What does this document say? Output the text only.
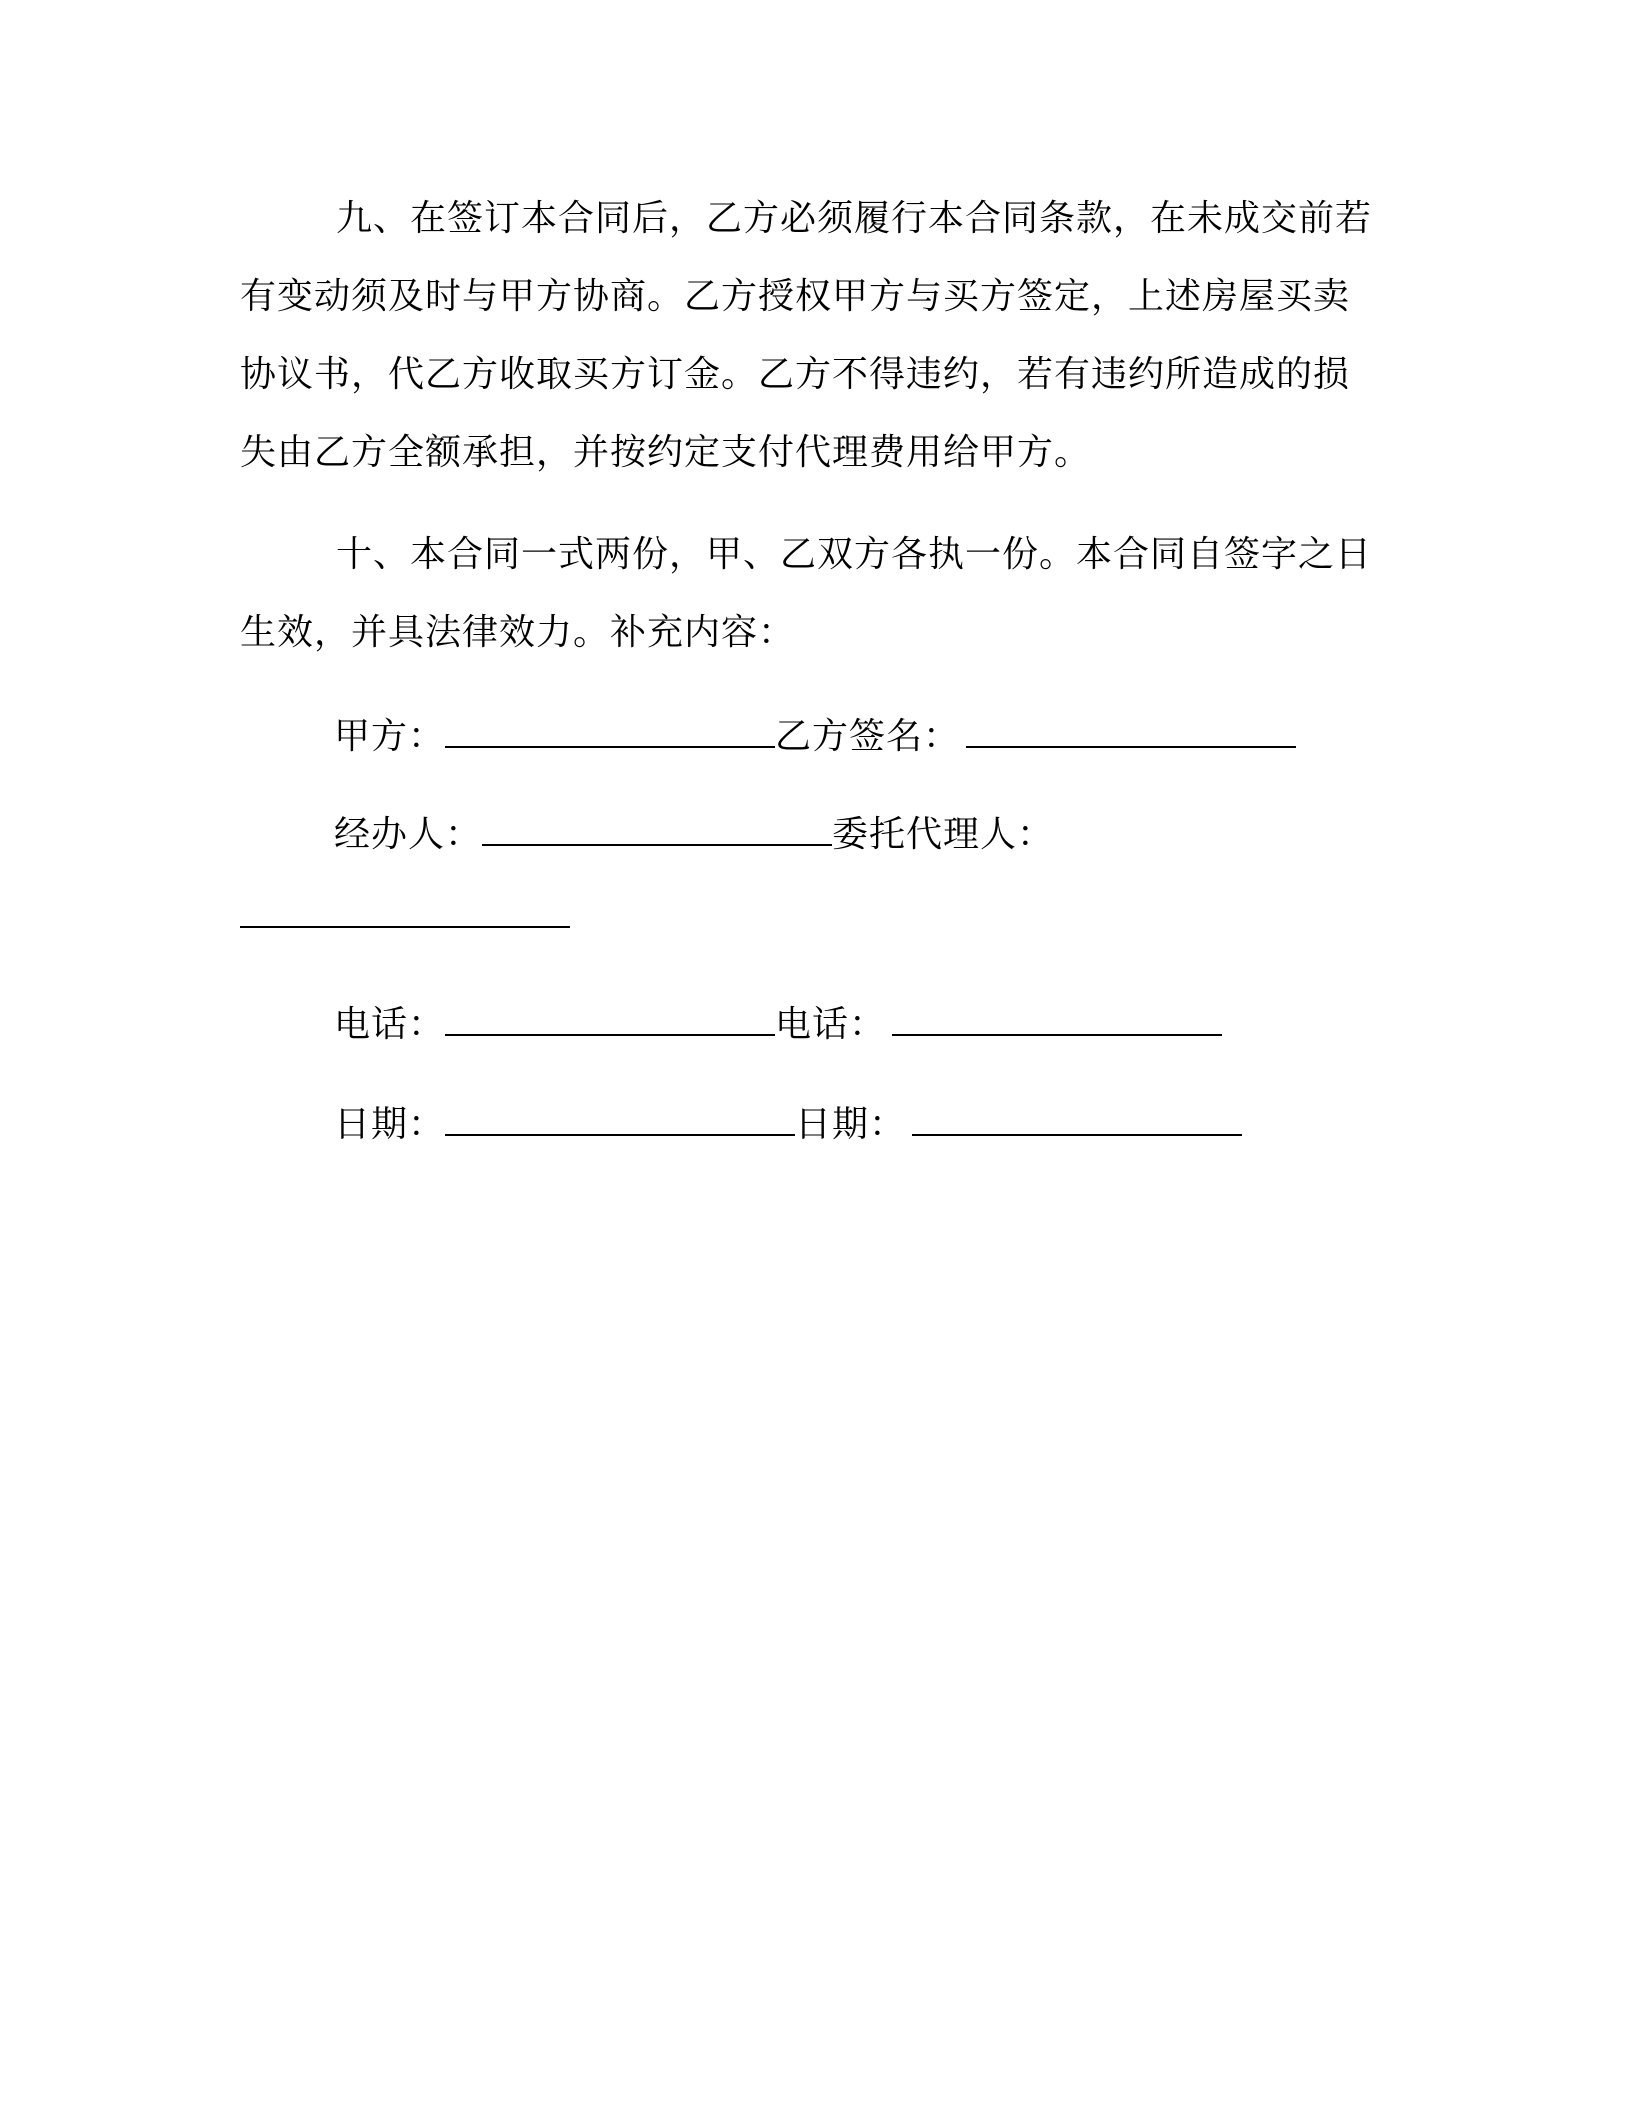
九、在签订本合同后，乙方必须履行本合同条款，在未成交前若有变动须及时与甲方协商。乙方授权甲方与买方签定，上述房屋买卖协议书，代乙方收取买方订金。乙方不得违约，若有违约所造成的损失由乙方全额承担，并按约定支付代理费用给甲方。

十、本合同一式两份，甲、乙双方各执一份。本合同自签字之日生效，并具法律效力。补充内容：

甲方：	乙方签名：
经办人：	委托代理人：
电话：	电话：
日期：	日期：
